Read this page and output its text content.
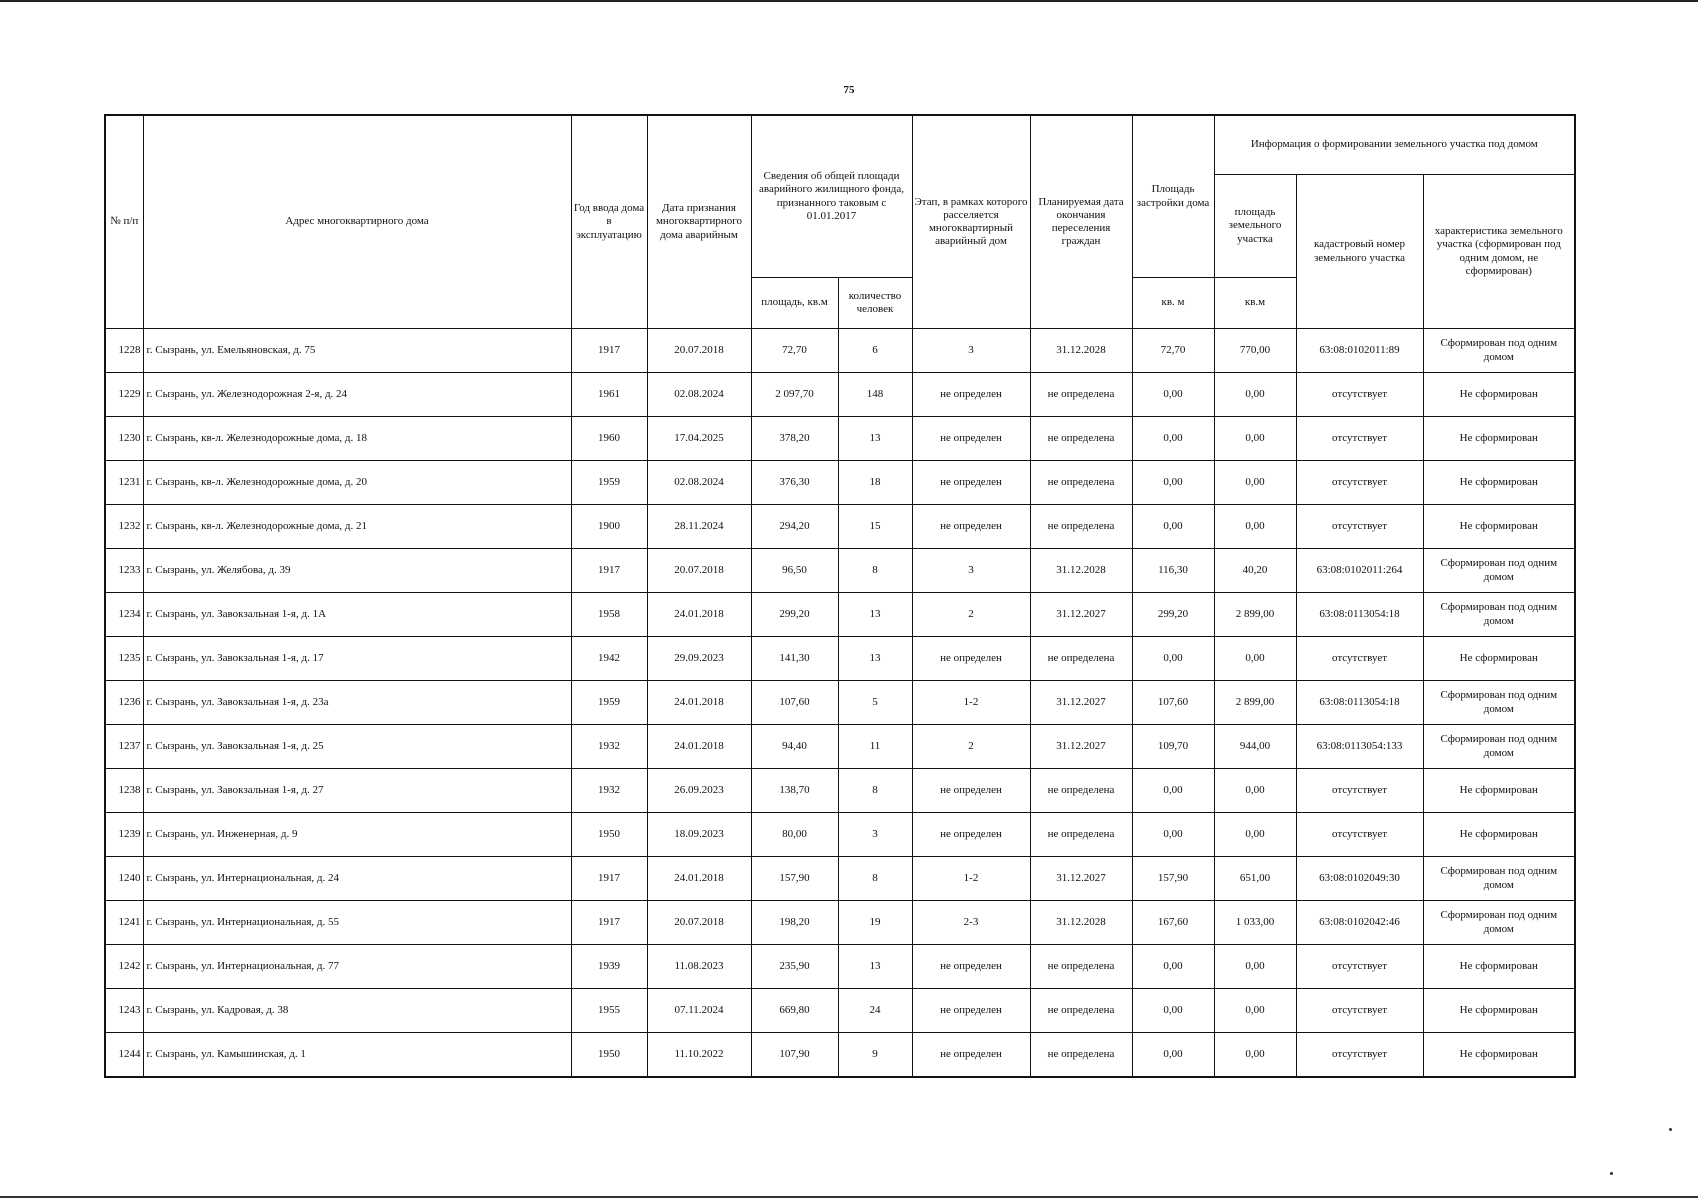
75
№ п/п	Адрес многоквартирного дома	Год ввода дома в эксплуатацию	Дата признания многоквартирного дома аварийным	Сведения об общей площади аварийного жилищного фонда, признанного таковым с 01.01.2017		Этап, в рамках которого расселяется многоквартирный аварийный дом	Планируемая дата окончания переселения граждан	Площадь застройки дома	Информация о формировании земельного участка под домом		
									площадь земельного участка	кадастровый номер земельного участка	характеристика земельного участка (сформирован под одним домом, не сформирован)
				площадь, кв.м	количество человек			кв. м	кв.м		
1228	г. Сызрань, ул. Емельяновская, д. 75	1917	20.07.2018	72,70	6	3	31.12.2028	72,70	770,00	63:08:0102011:89	Сформирован под одним домом
1229	г. Сызрань, ул. Железнодорожная 2-я, д. 24	1961	02.08.2024	2 097,70	148	не определен	не определена	0,00	0,00	отсутствует	Не сформирован
1230	г. Сызрань, кв-л. Железнодорожные дома, д. 18	1960	17.04.2025	378,20	13	не определен	не определена	0,00	0,00	отсутствует	Не сформирован
1231	г. Сызрань, кв-л. Железнодорожные дома, д. 20	1959	02.08.2024	376,30	18	не определен	не определена	0,00	0,00	отсутствует	Не сформирован
1232	г. Сызрань, кв-л. Железнодорожные дома, д. 21	1900	28.11.2024	294,20	15	не определен	не определена	0,00	0,00	отсутствует	Не сформирован
1233	г. Сызрань, ул. Желябова, д. 39	1917	20.07.2018	96,50	8	3	31.12.2028	116,30	40,20	63:08:0102011:264	Сформирован под одним домом
1234	г. Сызрань, ул. Завокзальная 1-я, д. 1А	1958	24.01.2018	299,20	13	2	31.12.2027	299,20	2 899,00	63:08:0113054:18	Сформирован под одним домом
1235	г. Сызрань, ул. Завокзальная 1-я, д. 17	1942	29.09.2023	141,30	13	не определен	не определена	0,00	0,00	отсутствует	Не сформирован
1236	г. Сызрань, ул. Завокзальная 1-я, д. 23а	1959	24.01.2018	107,60	5	1-2	31.12.2027	107,60	2 899,00	63:08:0113054:18	Сформирован под одним домом
1237	г. Сызрань, ул. Завокзальная 1-я, д. 25	1932	24.01.2018	94,40	11	2	31.12.2027	109,70	944,00	63:08:0113054:133	Сформирован под одним домом
1238	г. Сызрань, ул. Завокзальная 1-я, д. 27	1932	26.09.2023	138,70	8	не определен	не определена	0,00	0,00	отсутствует	Не сформирован
1239	г. Сызрань, ул. Инженерная, д. 9	1950	18.09.2023	80,00	3	не определен	не определена	0,00	0,00	отсутствует	Не сформирован
1240	г. Сызрань, ул. Интернациональная, д. 24	1917	24.01.2018	157,90	8	1-2	31.12.2027	157,90	651,00	63:08:0102049:30	Сформирован под одним домом
1241	г. Сызрань, ул. Интернациональная, д. 55	1917	20.07.2018	198,20	19	2-3	31.12.2028	167,60	1 033,00	63:08:0102042:46	Сформирован под одним домом
1242	г. Сызрань, ул. Интернациональная, д. 77	1939	11.08.2023	235,90	13	не определен	не определена	0,00	0,00	отсутствует	Не сформирован
1243	г. Сызрань, ул. Кадровая, д. 38	1955	07.11.2024	669,80	24	не определен	не определена	0,00	0,00	отсутствует	Не сформирован
1244	г. Сызрань, ул. Камышинская, д. 1	1950	11.10.2022	107,90	9	не определен	не определена	0,00	0,00	отсутствует	Не сформирован
